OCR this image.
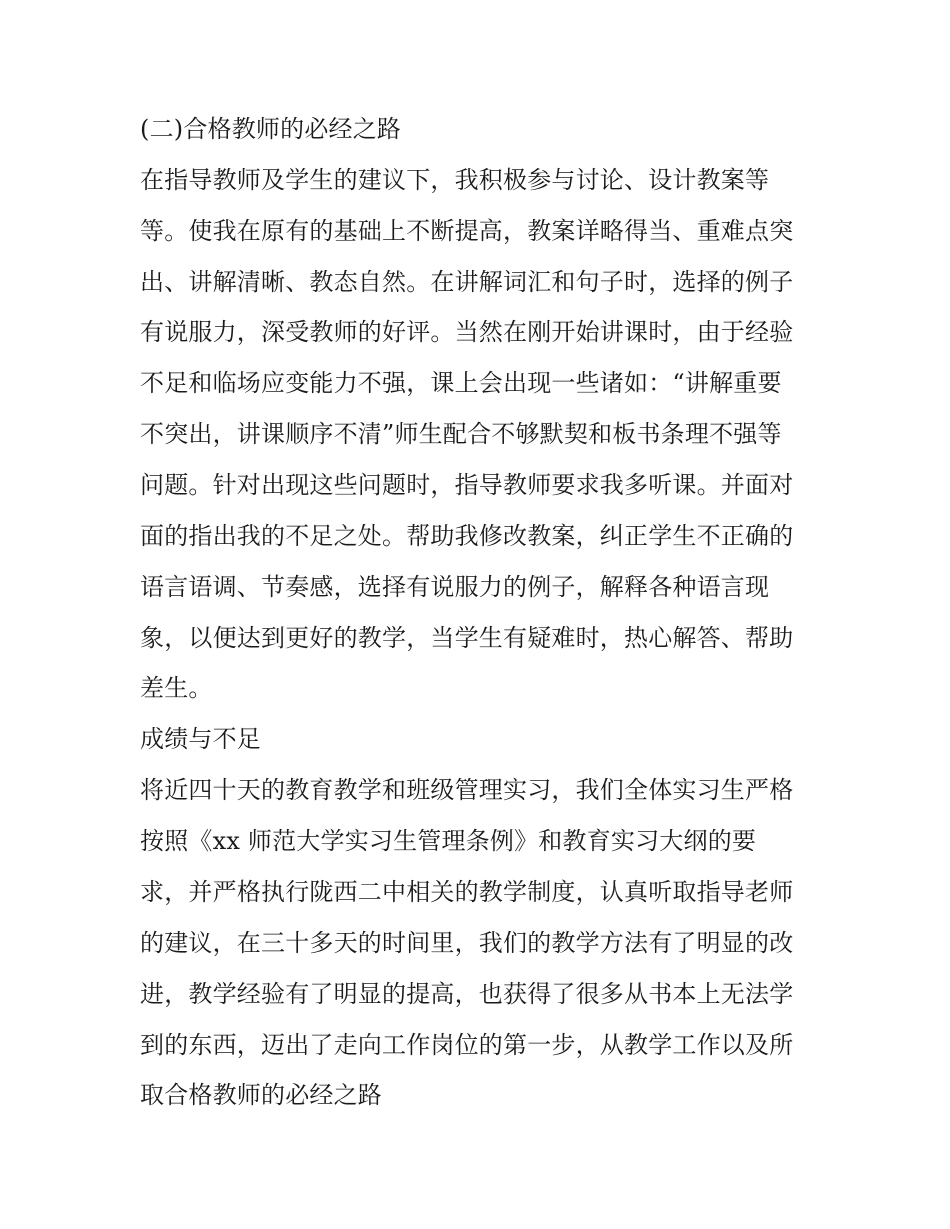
(二)合格教师的必经之路
在指导教师及学生的建议下，我积极参与讨论、设计教案等
等。使我在原有的基础上不断提高，教案详略得当、重难点突
出、讲解清晰、教态自然。在讲解词汇和句子时，选择的例子
有说服力，深受教师的好评。当然在刚开始讲课时，由于经验
不足和临场应变能力不强，课上会出现一些诸如：“讲解重要
不突出，讲课顺序不清”师生配合不够默契和板书条理不强等
问题。针对出现这些问题时，指导教师要求我多听课。并面对
面的指出我的不足之处。帮助我修改教案，纠正学生不正确的
语言语调、节奏感，选择有说服力的例子，解释各种语言现
象，以便达到更好的教学，当学生有疑难时，热心解答、帮助
差生。
成绩与不足
将近四十天的教育教学和班级管理实习，我们全体实习生严格
按照《xx 师范大学实习生管理条例》和教育实习大纲的要
求，并严格执行陇西二中相关的教学制度，认真听取指导老师
的建议，在三十多天的时间里，我们的教学方法有了明显的改
进，教学经验有了明显的提高，也获得了很多从书本上无法学
到的东西，迈出了走向工作岗位的第一步，从教学工作以及所
取合格教师的必经之路
